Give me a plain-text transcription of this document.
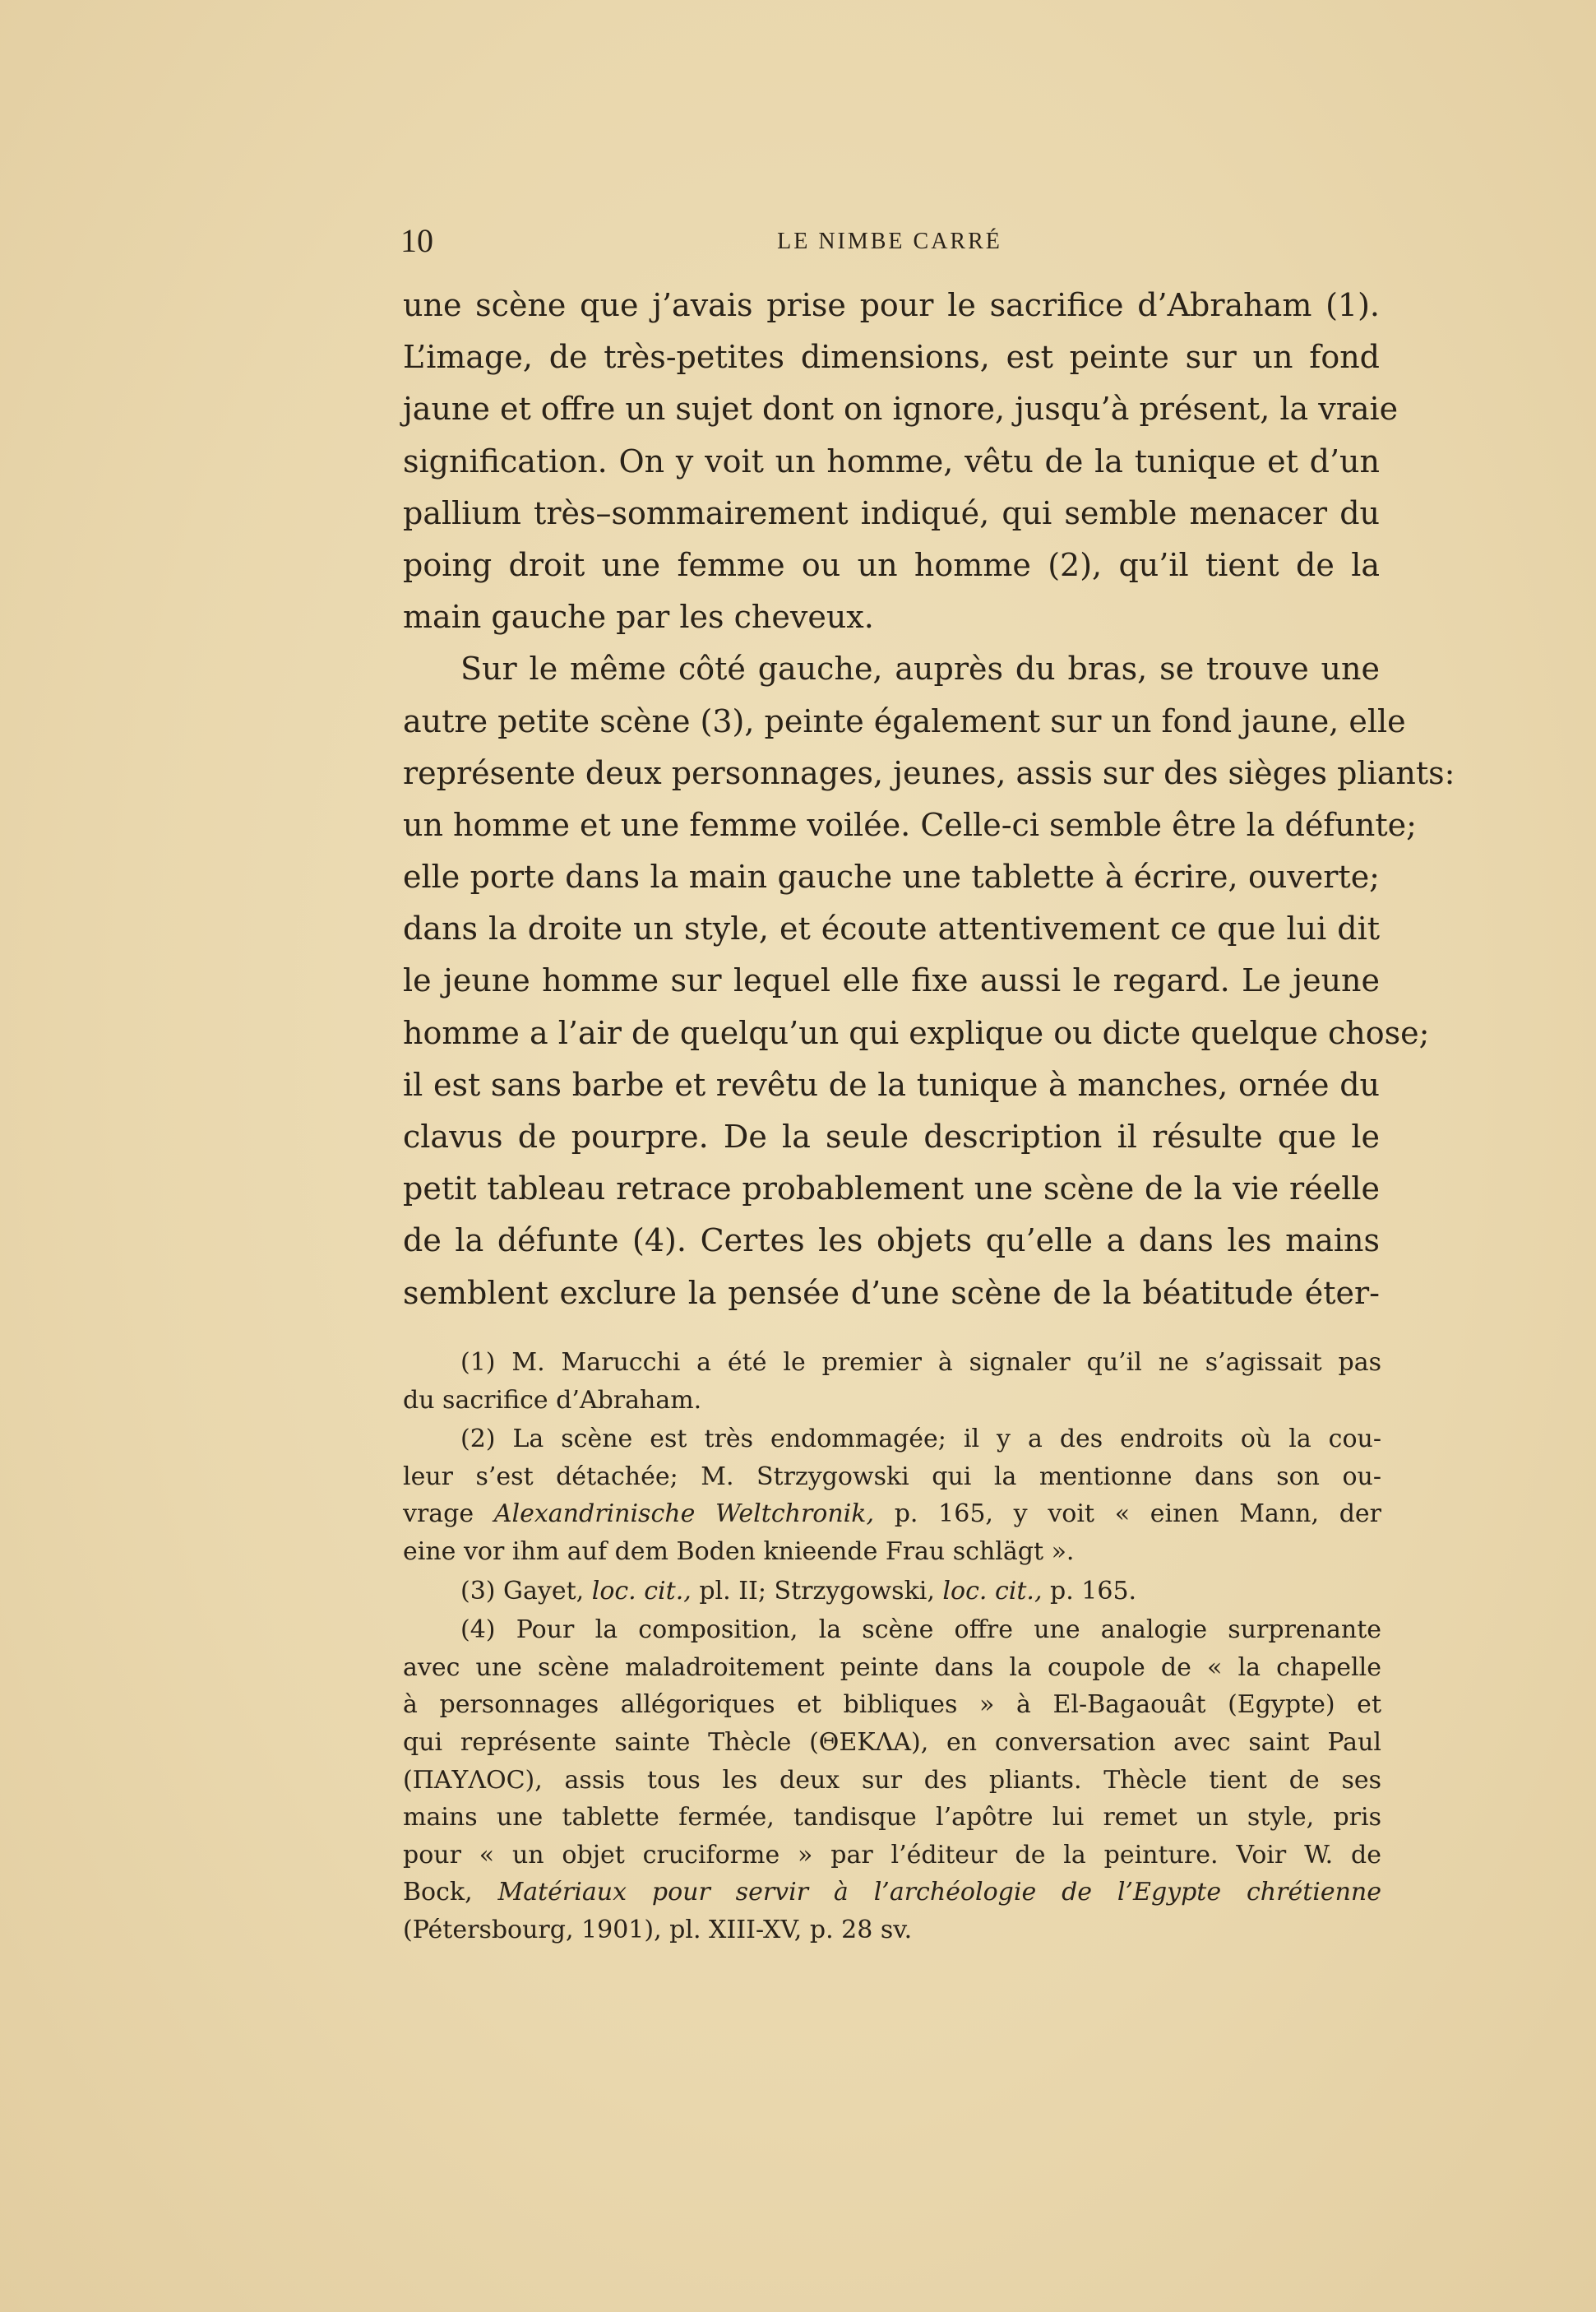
10	LE NIMBE CARRÉ
une scène que j’avais prise pour le sacrifice d’Abraham (1).
L’image, de très-petites dimensions, est peinte sur un fond
jaune et offre un sujet dont on ignore, jusqu’à présent, la vraie
signification. On y voit un homme, vêtu de la tunique et d’un
pallium très–sommairement indiqué, qui semble menacer du
poing droit une femme ou un homme (2), qu’il tient de la
main gauche par les cheveux.
Sur le même côté gauche, auprès du bras, se trouve une
autre petite scène (3), peinte également sur un fond jaune, elle
représente deux personnages, jeunes, assis sur des sièges pliants:
un homme et une femme voilée. Celle-ci semble être la défunte;
elle porte dans la main gauche une tablette à écrire, ouverte;
dans la droite un style, et écoute attentivement ce que lui dit
le jeune homme sur lequel elle fixe aussi le regard. Le jeune
homme a l’air de quelqu’un qui explique ou dicte quelque chose;
il est sans barbe et revêtu de la tunique à manches, ornée du
clavus de pourpre. De la seule description il résulte que le
petit tableau retrace probablement une scène de la vie réelle
de la défunte (4). Certes les objets qu’elle a dans les mains
semblent exclure la pensée d’une scène de la béatitude éter-
(1) M. Marucchi a été le premier à signaler qu’il ne s’agissait pas
du sacrifice d’Abraham.
(2) La scène est très endommagée; il y a des endroits où la cou-
leur s’est détachée; M. Strzygowski qui la mentionne dans son ou-
vrage Alexandrinische Weltchronik, p. 165, y voit « einen Mann, der
eine vor ihm auf dem Boden knieende Frau schlägt ».
(3) Gayet, loc. cit., pl. II; Strzygowski, loc. cit., p. 165.
(4) Pour la composition, la scène offre une analogie surprenante
avec une scène maladroitement peinte dans la coupole de « la chapelle
à personnages allégoriques et bibliques » à El-Bagaouât (Egypte) et
qui représente sainte Thècle (ΘΕΚΛΑ), en conversation avec saint Paul
(ΠΑΥΛΟϹ), assis tous les deux sur des pliants. Thècle tient de ses
mains une tablette fermée, tandisque l’apôtre lui remet un style, pris
pour « un objet cruciforme » par l’éditeur de la peinture. Voir W. de
Bock, Matériaux pour servir à l’archéologie de l’Egypte chrétienne
(Pétersbourg, 1901), pl. XIII-XV, p. 28 sv.
